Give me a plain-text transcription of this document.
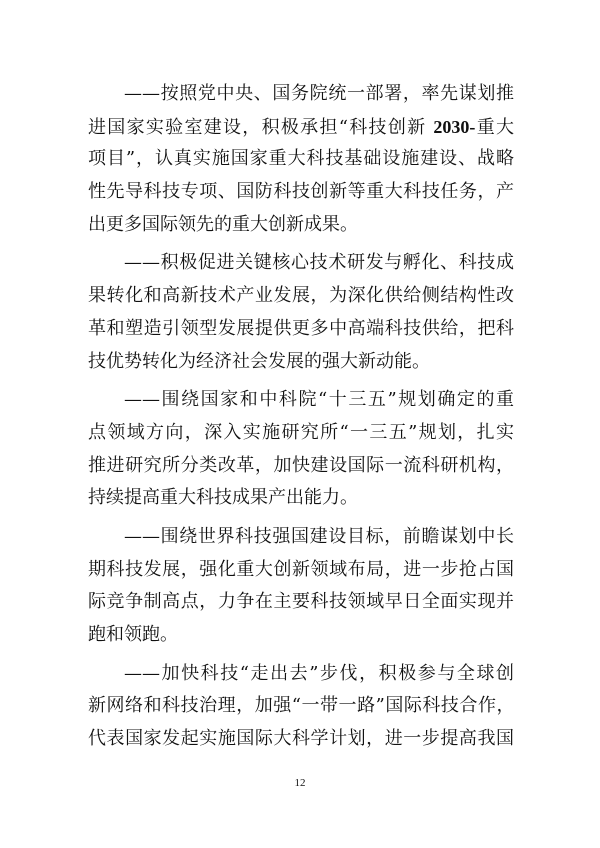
——按照党中央、国务院统一部署，率先谋划推
进国家实验室建设，积极承担“科技创新 2030-重大
项目”，认真实施国家重大科技基础设施建设、战略
性先导科技专项、国防科技创新等重大科技任务，产
出更多国际领先的重大创新成果。
——积极促进关键核心技术研发与孵化、科技成
果转化和高新技术产业发展，为深化供给侧结构性改
革和塑造引领型发展提供更多中高端科技供给，把科
技优势转化为经济社会发展的强大新动能。
——围绕国家和中科院“十三五”规划确定的重
点领域方向，深入实施研究所“一三五”规划，扎实
推进研究所分类改革，加快建设国际一流科研机构，
持续提高重大科技成果产出能力。
——围绕世界科技强国建设目标，前瞻谋划中长
期科技发展，强化重大创新领域布局，进一步抢占国
际竞争制高点，力争在主要科技领域早日全面实现并
跑和领跑。
——加快科技“走出去”步伐，积极参与全球创
新网络和科技治理，加强“一带一路”国际科技合作，
代表国家发起实施国际大科学计划，进一步提高我国
12
